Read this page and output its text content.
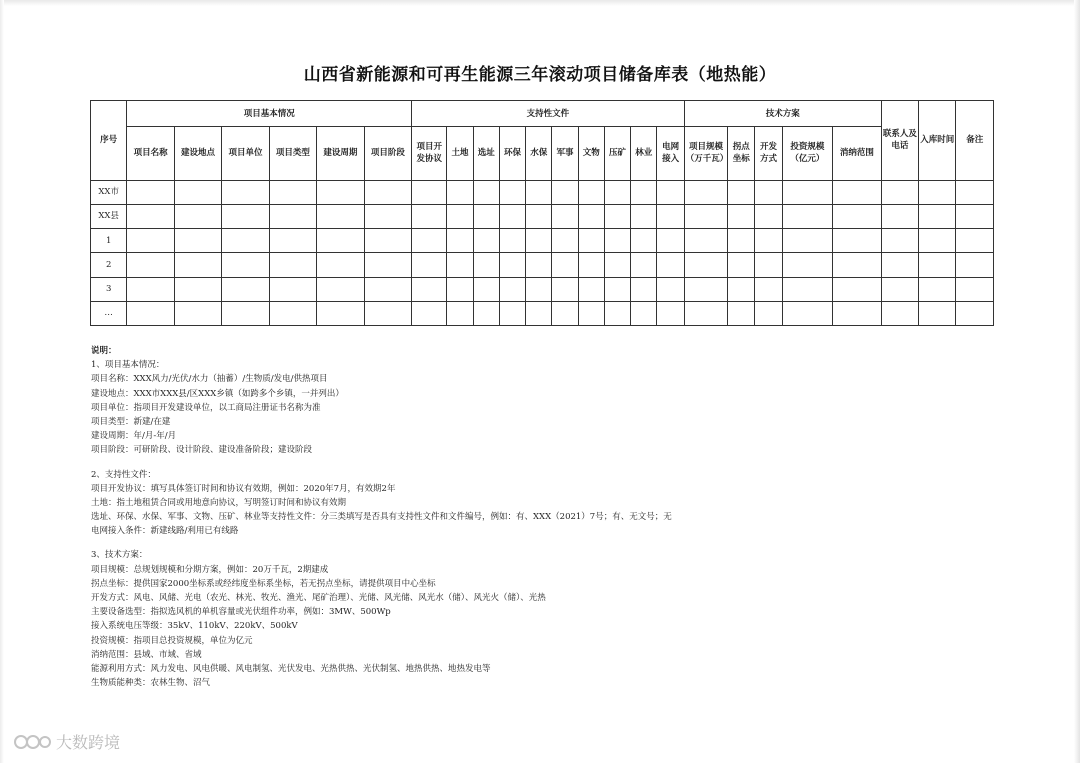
山西省新能源和可再生能源三年滚动项目储备库表（地热能）
序号	项目基本情况						支持性文件										技术方案					联系人及电话	入库时间	备注
	项目名称	建设地点	项目单位	项目类型	建设周期	项目阶段	项目开发协议	土地	选址	环保	水保	军事	文物	压矿	林业	电网接入	项目规模（万千瓦）	拐点坐标	开发方式	投资规模（亿元）	消纳范围			
XX市																								
XX县																								
1																								
2																								
3																								
…																								
说明：
1、项目基本情况：
项目名称：XXX风力/光伏/水力（抽蓄）/生物质/发电/供热项目
建设地点：XXX市XXX县/区XXX乡镇（如跨多个乡镇，一并列出）
项目单位：指项目开发建设单位，以工商局注册证书名称为准
项目类型：新建/在建
建设周期：年/月-年/月
项目阶段：可研阶段、设计阶段、建设准备阶段；建设阶段
2、支持性文件：
项目开发协议：填写具体签订时间和协议有效期，例如：2020年7月，有效期2年
土地：指土地租赁合同或用地意向协议，写明签订时间和协议有效期
选址、环保、水保、军事、文物、压矿、林业等支持性文件：分三类填写是否具有支持性文件和文件编号，例如：有、XXX（2021）7号；有、无文号；无
电网接入条件：新建线路/利用已有线路
3、技术方案：
项目规模：总规划规模和分期方案，例如：20万千瓦，2期建成
拐点坐标：提供国家2000坐标系或经纬度坐标系坐标，若无拐点坐标，请提供项目中心坐标
开发方式：风电、风储、光电（农光、林光、牧光、渔光、尾矿治理）、光储、风光储、风光水（储）、风光火（储）、光热
主要设备选型：指拟选风机的单机容量或光伏组件功率，例如：3MW、500Wp
接入系统电压等级：35kV、110kV、220kV、500kV
投资规模：指项目总投资规模，单位为亿元
消纳范围：县域、市域、省域
能源利用方式：风力发电、风电供暖、风电制氢、光伏发电、光热供热、光伏制氢、地热供热、地热发电等
生物质能种类：农林生物、沼气
大数跨境
